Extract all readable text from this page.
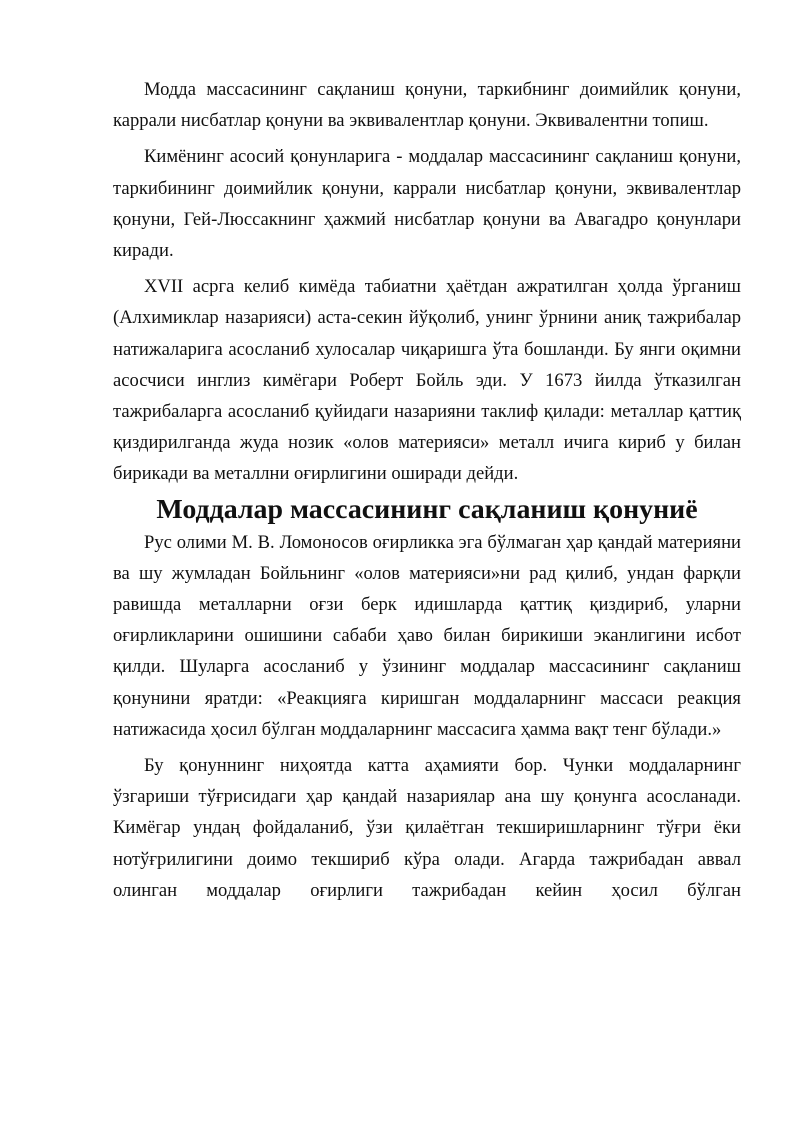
Модда массасининг сақланиш қонуни, таркибнинг доимийлик қонуни, каррали нисбатлар қонуни ва эквивалентлар қонуни. Эквивалентни топиш.

Кимёнинг асосий қонунларига - моддалар массасининг сақланиш қонуни, таркибининг доимийлик қонуни, каррали нисбатлар қонуни, эквивалентлар қонуни, Гей-Люссакнинг ҳажмий нисбатлар қонуни ва Авагадро қонунлари киради.

XVII асрга келиб кимёда табиатни ҳаётдан ажратилган ҳолда ўрганиш (Алхимиклар назарияси) аста-секин йўқолиб, унинг ўрнини аниқ тажрибалар натижаларига асосланиб хулосалар чиқаришга ўта бошланди. Бу янги оқимни асосчиси инглиз кимёгари Роберт Бойль эди. У 1673 йилда ўтказилган тажрибаларга асосланиб қуйидаги назарияни таклиф қилади: металлар қаттиқ қиздирилганда жуда нозик «олов материяси» металл ичига кириб у билан бирикади ва металлни оғирлигини оширади дейди.

Моддалар массасининг сақланиш қонуниё

Рус олими М. В. Ломоносов оғирликка эга бўлмаган ҳар қандай материяни ва шу жумладан Бойльнинг «олов материяси»ни рад қилиб, ундан фарқли равишда металларни оғзи берк идишларда қаттиқ қиздириб, уларни оғирликларини ошишини сабаби ҳаво билан бирикиши эканлигини исбот қилди. Шуларга асосланиб у ўзининг моддалар массасининг сақланиш қонунини яратди: «Реакцияга киришган моддаларнинг массаси реакция натижасида ҳосил бўлган моддаларнинг массасига ҳамма вақт тенг бўлади.»

Бу қонуннинг ниҳоятда катта аҳамияти бор. Чунки моддаларнинг ўзгариши тўғрисидаги ҳар қандай назариялар ана шу қонунга асосланади. Кимёгар ундаң фойдаланиб, ўзи қилаётган текширишларнинг тўғри ёки нотўғрилигини доимо текшириб кўра олади. Агарда тажрибадан аввал олинган моддалар оғирлиги тажрибадан кейин ҳосил бўлган
